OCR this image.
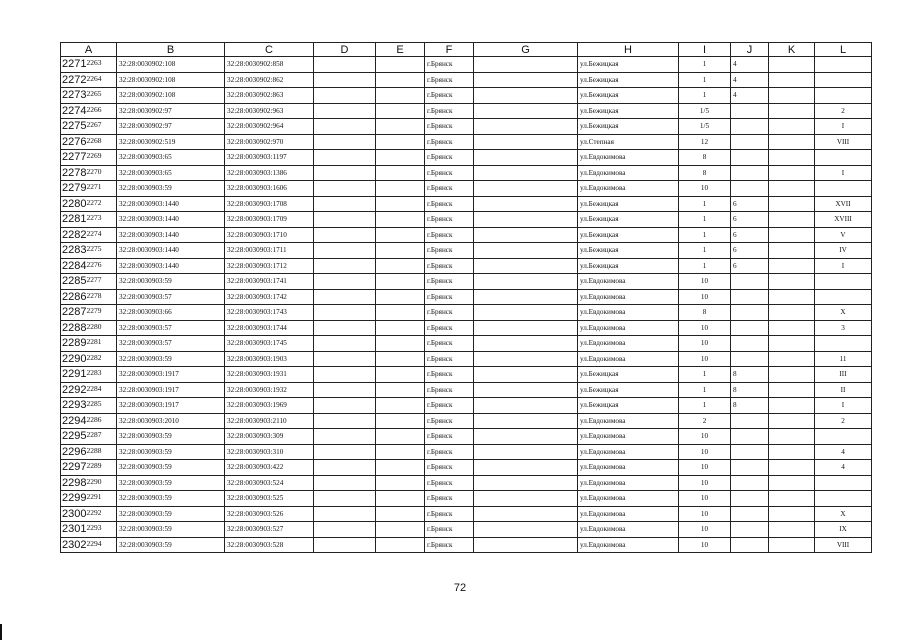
A	B	C	D	E	F	G	H	I	J	K	L
$2271^{2263}$	32:28:0030902:108	32:28:0030902:858			г.Брянск		ул.Бежицкая	1	4		
$2272^{2264}$	32:28:0030902:108	32:28:0030902:862			г.Брянск		ул.Бежицкая	1	4		
$2273^{2265}$	32:28:0030902:108	32:28:0030902:863			г.Брянск		ул.Бежицкая	1	4		
$2274^{2266}$	32:28:0030902:97	32:28:0030902:963			г.Брянск		ул.Бежицкая	1/5			2
$2275^{2267}$	32:28:0030902:97	32:28:0030902:964			г.Брянск		ул.Бежицкая	1/5			I
$2276^{2268}$	32:28:0030902:519	32:28:0030902:970			г.Брянск		ул.Степная	12			VIII
$2277^{2269}$	32:28:0030903:65	32:28:0030903:1197			г.Брянск		ул.Евдокимова	8			
$2278^{2270}$	32:28:0030903:65	32:28:0030903:1386			г.Брянск		ул.Евдокимова	8			I
$2279^{2271}$	32:28:0030903:59	32:28:0030903:1606			г.Брянск		ул.Евдокимова	10			
$2280^{2272}$	32:28:0030903:1440	32:28:0030903:1708			г.Брянск		ул.Бежицкая	1	6		XVII
$2281^{2273}$	32:28:0030903:1440	32:28:0030903:1709			г.Брянск		ул.Бежицкая	1	6		XVIII
$2282^{2274}$	32:28:0030903:1440	32:28:0030903:1710			г.Брянск		ул.Бежицкая	1	6		V
$2283^{2275}$	32:28:0030903:1440	32:28:0030903:1711			г.Брянск		ул.Бежицкая	1	6		IV
$2284^{2276}$	32:28:0030903:1440	32:28:0030903:1712			г.Брянск		ул.Бежицкая	1	6		I
$2285^{2277}$	32:28:0030903:59	32:28:0030903:1741			г.Брянск		ул.Евдокимова	10			
$2286^{2278}$	32:28:0030903:57	32:28:0030903:1742			г.Брянск		ул.Евдокимова	10			
$2287^{2279}$	32:28:0030903:66	32:28:0030903:1743			г.Брянск		ул.Евдокимова	8			X
$2288^{2280}$	32:28:0030903:57	32:28:0030903:1744			г.Брянск		ул.Евдокимова	10			3
$2289^{2281}$	32:28:0030903:57	32:28:0030903:1745			г.Брянск		ул.Евдокимова	10			
$2290^{2282}$	32:28:0030903:59	32:28:0030903:1903			г.Брянск		ул.Евдокимова	10			11
$2291^{2283}$	32:28:0030903:1917	32:28:0030903:1931			г.Брянск		ул.Бежицкая	1	8		III
$2292^{2284}$	32:28:0030903:1917	32:28:0030903:1932			г.Брянск		ул.Бежицкая	1	8		II
$2293^{2285}$	32:28:0030903:1917	32:28:0030903:1969			г.Брянск		ул.Бежицкая	1	8		I
$2294^{2286}$	32:28:0030903:2010	32:28:0030903:2110			г.Брянск		ул.Евдокимова	2			2
$2295^{2287}$	32:28:0030903:59	32:28:0030903:309			г.Брянск		ул.Евдокимова	10			
$2296^{2288}$	32:28:0030903:59	32:28:0030903:310			г.Брянск		ул.Евдокимова	10			4
$2297^{2289}$	32:28:0030903:59	32:28:0030903:422			г.Брянск		ул.Евдокимова	10			4
$2298^{2290}$	32:28:0030903:59	32:28:0030903:524			г.Брянск		ул.Евдокимова	10			
$2299^{2291}$	32:28:0030903:59	32:28:0030903:525			г.Брянск		ул.Евдокимова	10			
$2300^{2292}$	32:28:0030903:59	32:28:0030903:526			г.Брянск		ул.Евдокимова	10			X
$2301^{2293}$	32:28:0030903:59	32:28:0030903:527			г.Брянск		ул.Евдокимова	10			IX
$2302^{2294}$	32:28:0030903:59	32:28:0030903:528			г.Брянск		ул.Евдокимова	10			VIII
72
